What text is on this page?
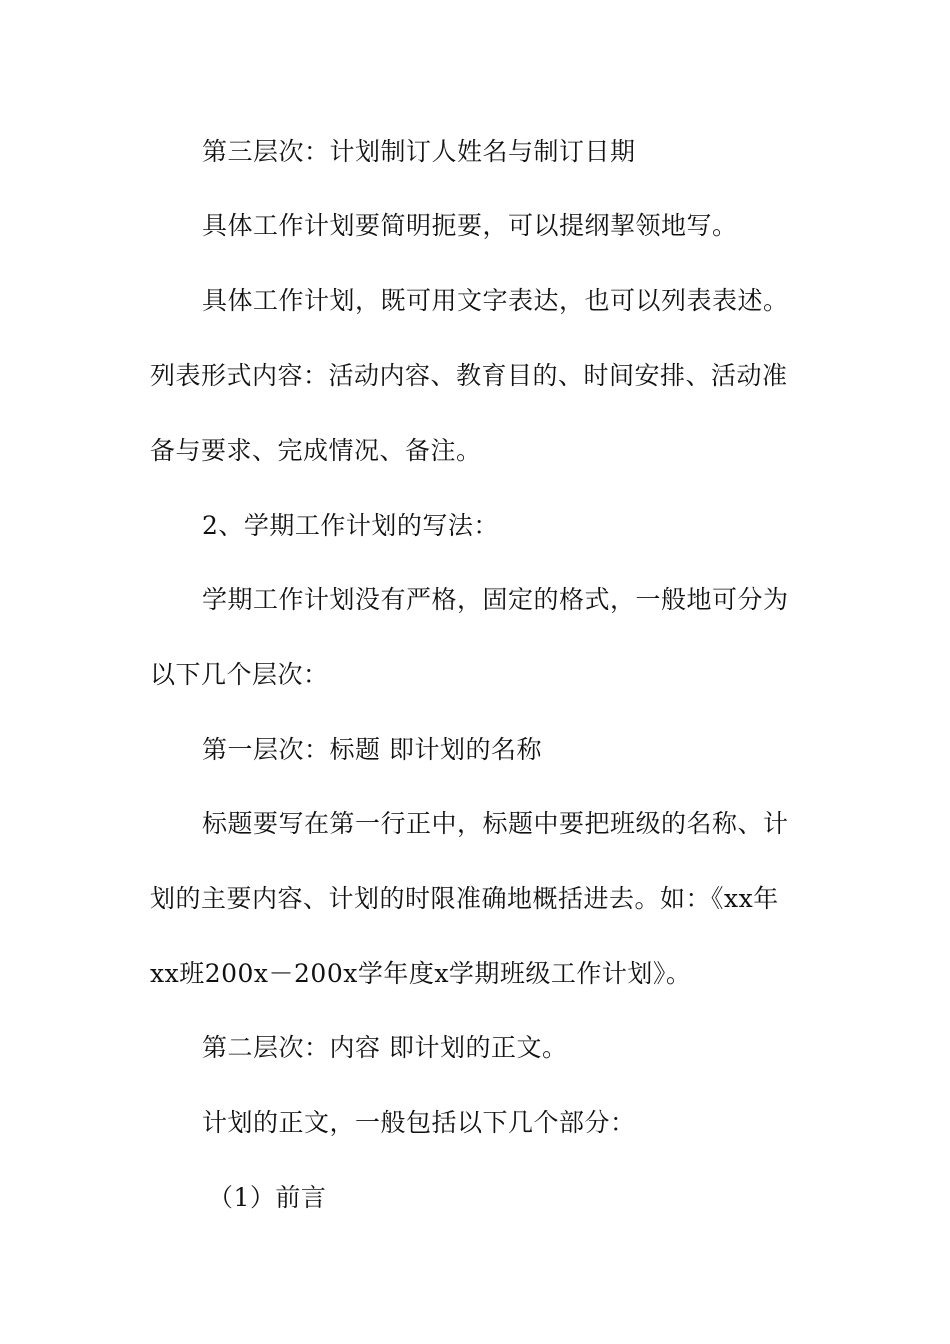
第三层次：计划制订人姓名与制订日期
具体工作计划要简明扼要，可以提纲挈领地写。
具体工作计划，既可用文字表达，也可以列表表述。
列表形式内容：活动内容、教育目的、时间安排、活动准
备与要求、完成情况、备注。
2、学期工作计划的写法：
学期工作计划没有严格，固定的格式，一般地可分为
以下几个层次：
第一层次：标题 即计划的名称
标题要写在第一行正中，标题中要把班级的名称、计
划的主要内容、计划的时限准确地概括进去。如：《xx年
xx班200x－200x学年度x学期班级工作计划》。
第二层次：内容 即计划的正文。
计划的正文，一般包括以下几个部分：
（1）前言
